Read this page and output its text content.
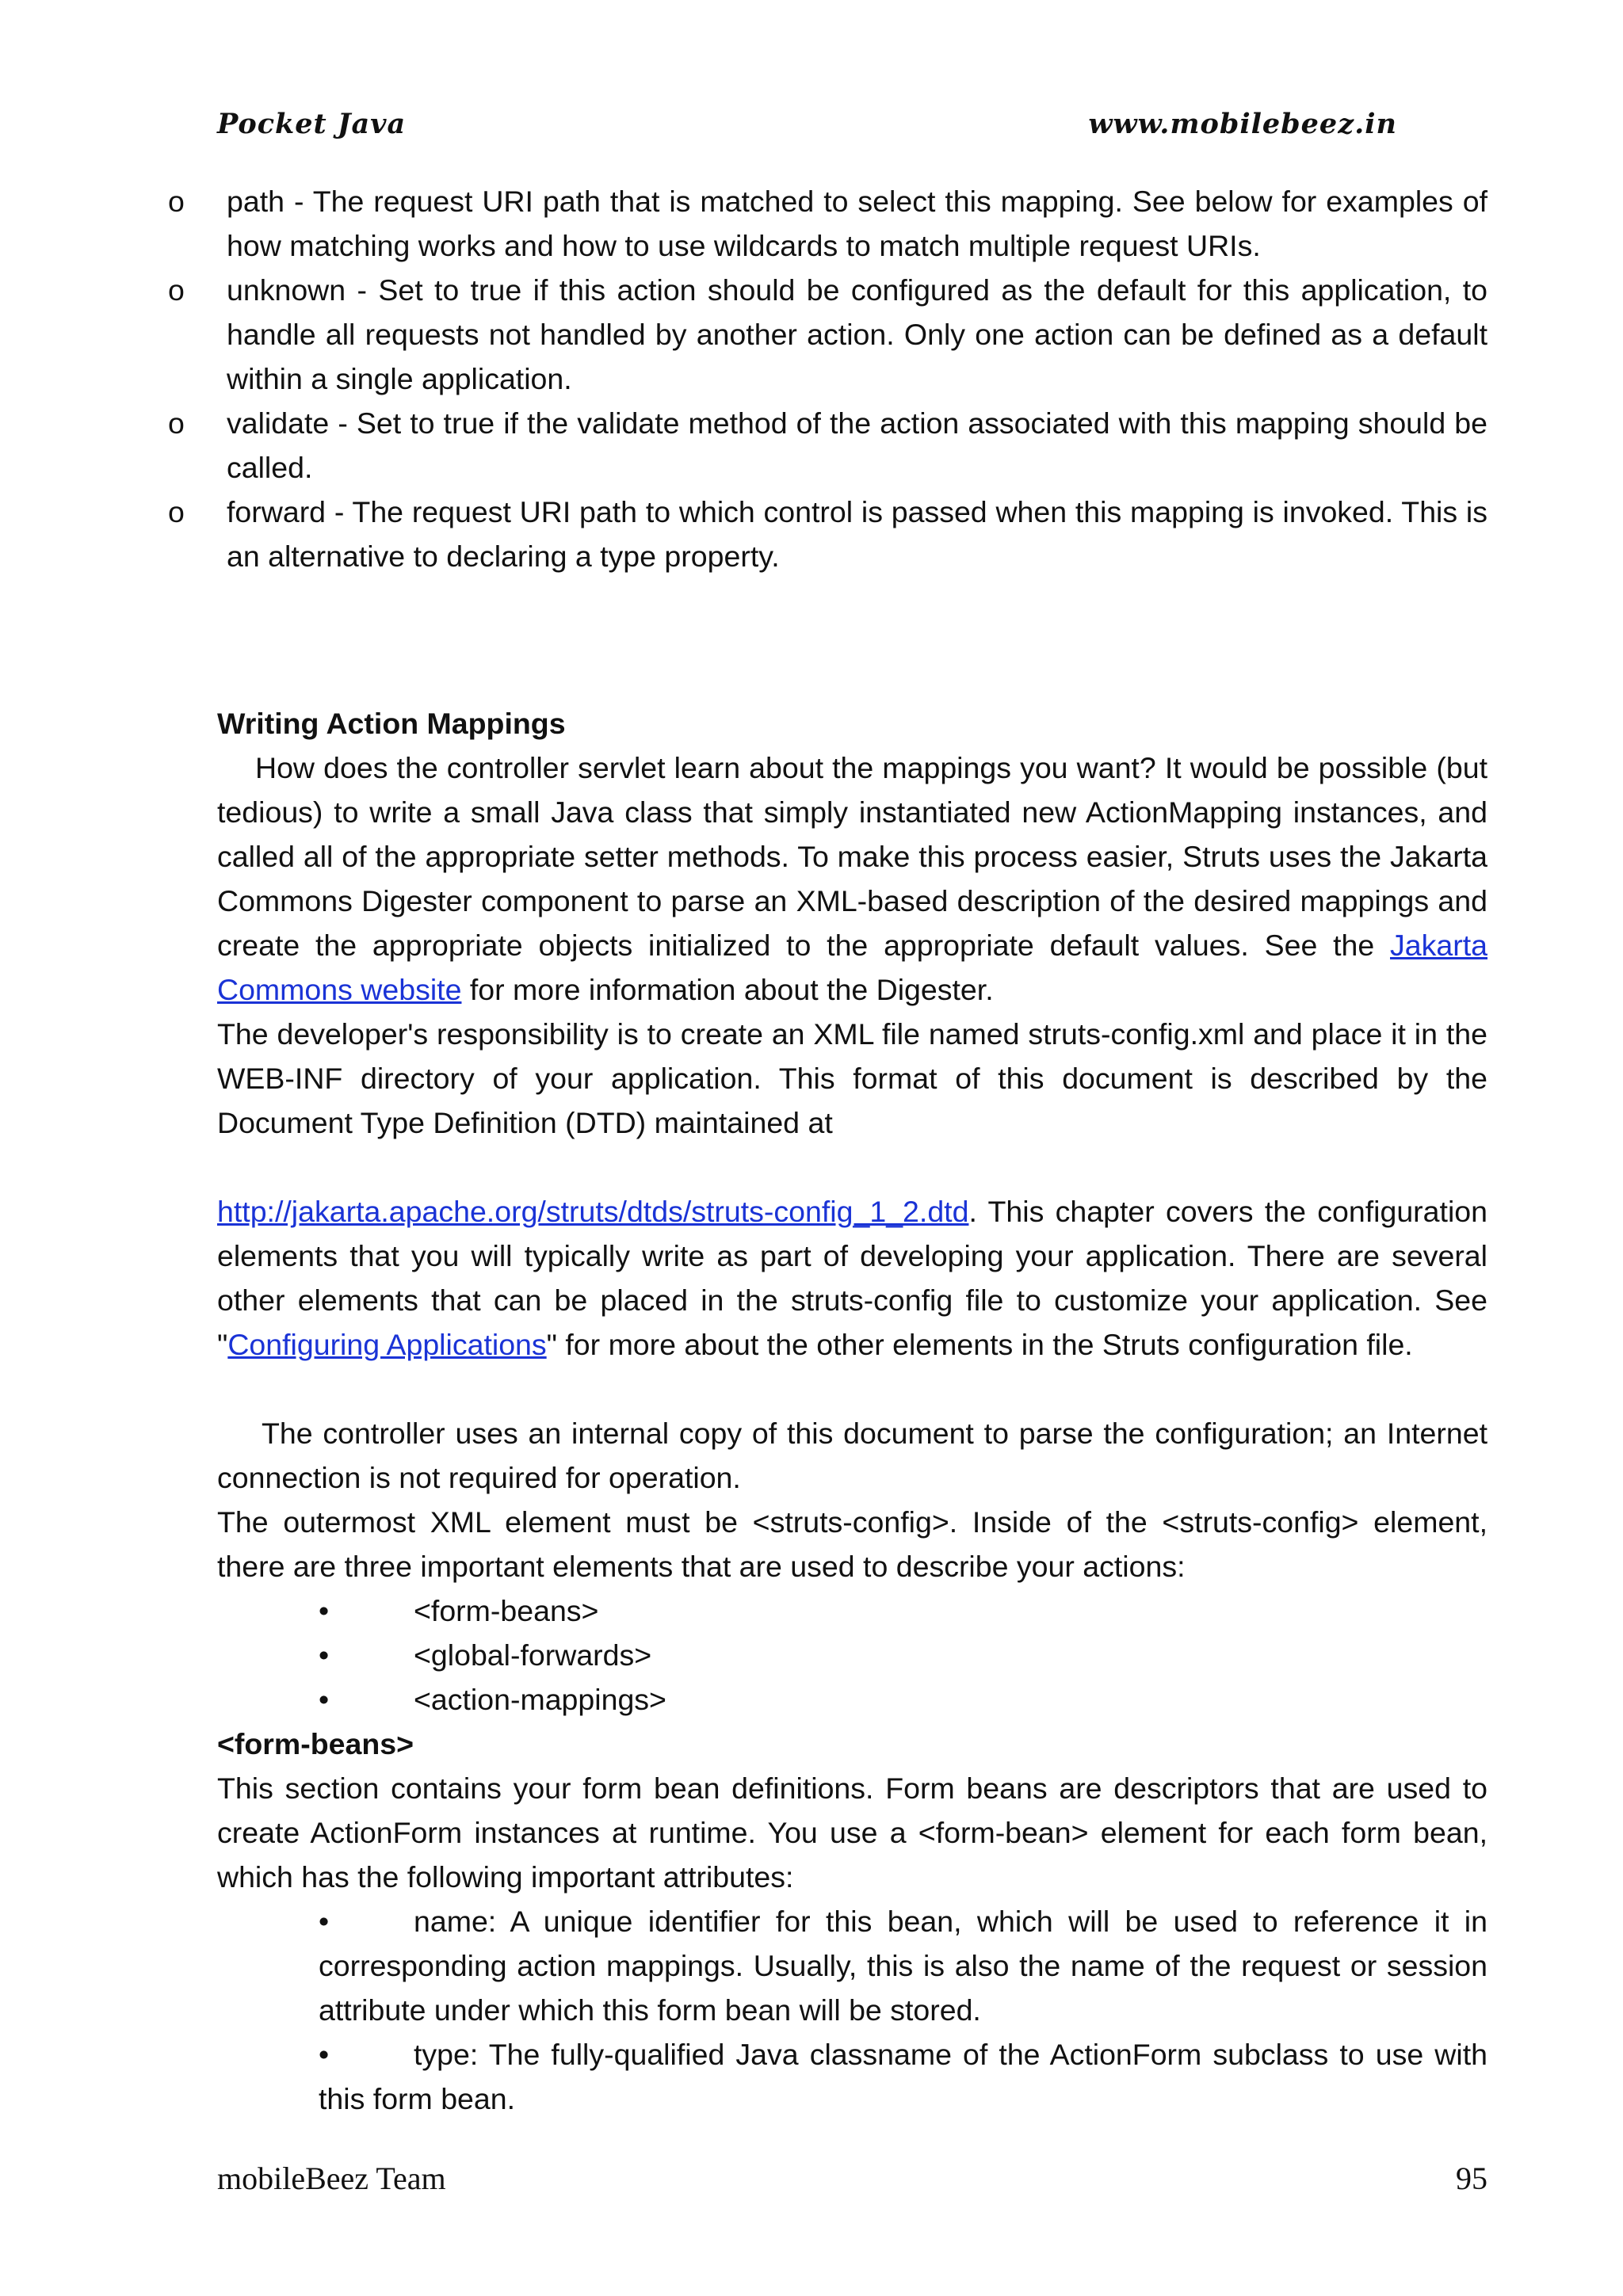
Pocket Java	www.mobilebeez.in
o path - The request URI path that is matched to select this mapping. See below for examples of how matching works and how to use wildcards to match multiple request URIs.
o unknown - Set to true if this action should be configured as the default for this application, to handle all requests not handled by another action. Only one action can be defined as a default within a single application.
o validate - Set to true if the validate method of the action associated with this mapping should be called.
o forward - The request URI path to which control is passed when this mapping is invoked. This is an alternative to declaring a type property.
Writing Action Mappings
How does the controller servlet learn about the mappings you want? It would be possible (but tedious) to write a small Java class that simply instantiated new ActionMapping instances, and called all of the appropriate setter methods. To make this process easier, Struts uses the Jakarta Commons Digester component to parse an XML-based description of the desired mappings and create the appropriate objects initialized to the appropriate default values. See the Jakarta Commons website for more information about the Digester.
The developer's responsibility is to create an XML file named struts-config.xml and place it in the WEB-INF directory of your application. This format of this document is described by the Document Type Definition (DTD) maintained at
http://jakarta.apache.org/struts/dtds/struts-config_1_2.dtd. This chapter covers the configuration elements that you will typically write as part of developing your application. There are several other elements that can be placed in the struts-config file to customize your application. See "Configuring Applications" for more about the other elements in the Struts configuration file.
The controller uses an internal copy of this document to parse the configuration; an Internet connection is not required for operation.
The outermost XML element must be <struts-config>. Inside of the <struts-config> element, there are three important elements that are used to describe your actions:
•	<form-beans>
•	<global-forwards>
•	<action-mappings>
<form-beans>
This section contains your form bean definitions. Form beans are descriptors that are used to create ActionForm instances at runtime. You use a <form-bean> element for each form bean, which has the following important attributes:
•	name: A unique identifier for this bean, which will be used to reference it in corresponding action mappings. Usually, this is also the name of the request or session attribute under which this form bean will be stored.
•	type: The fully-qualified Java classname of the ActionForm subclass to use with this form bean.
mobileBeez Team	95
